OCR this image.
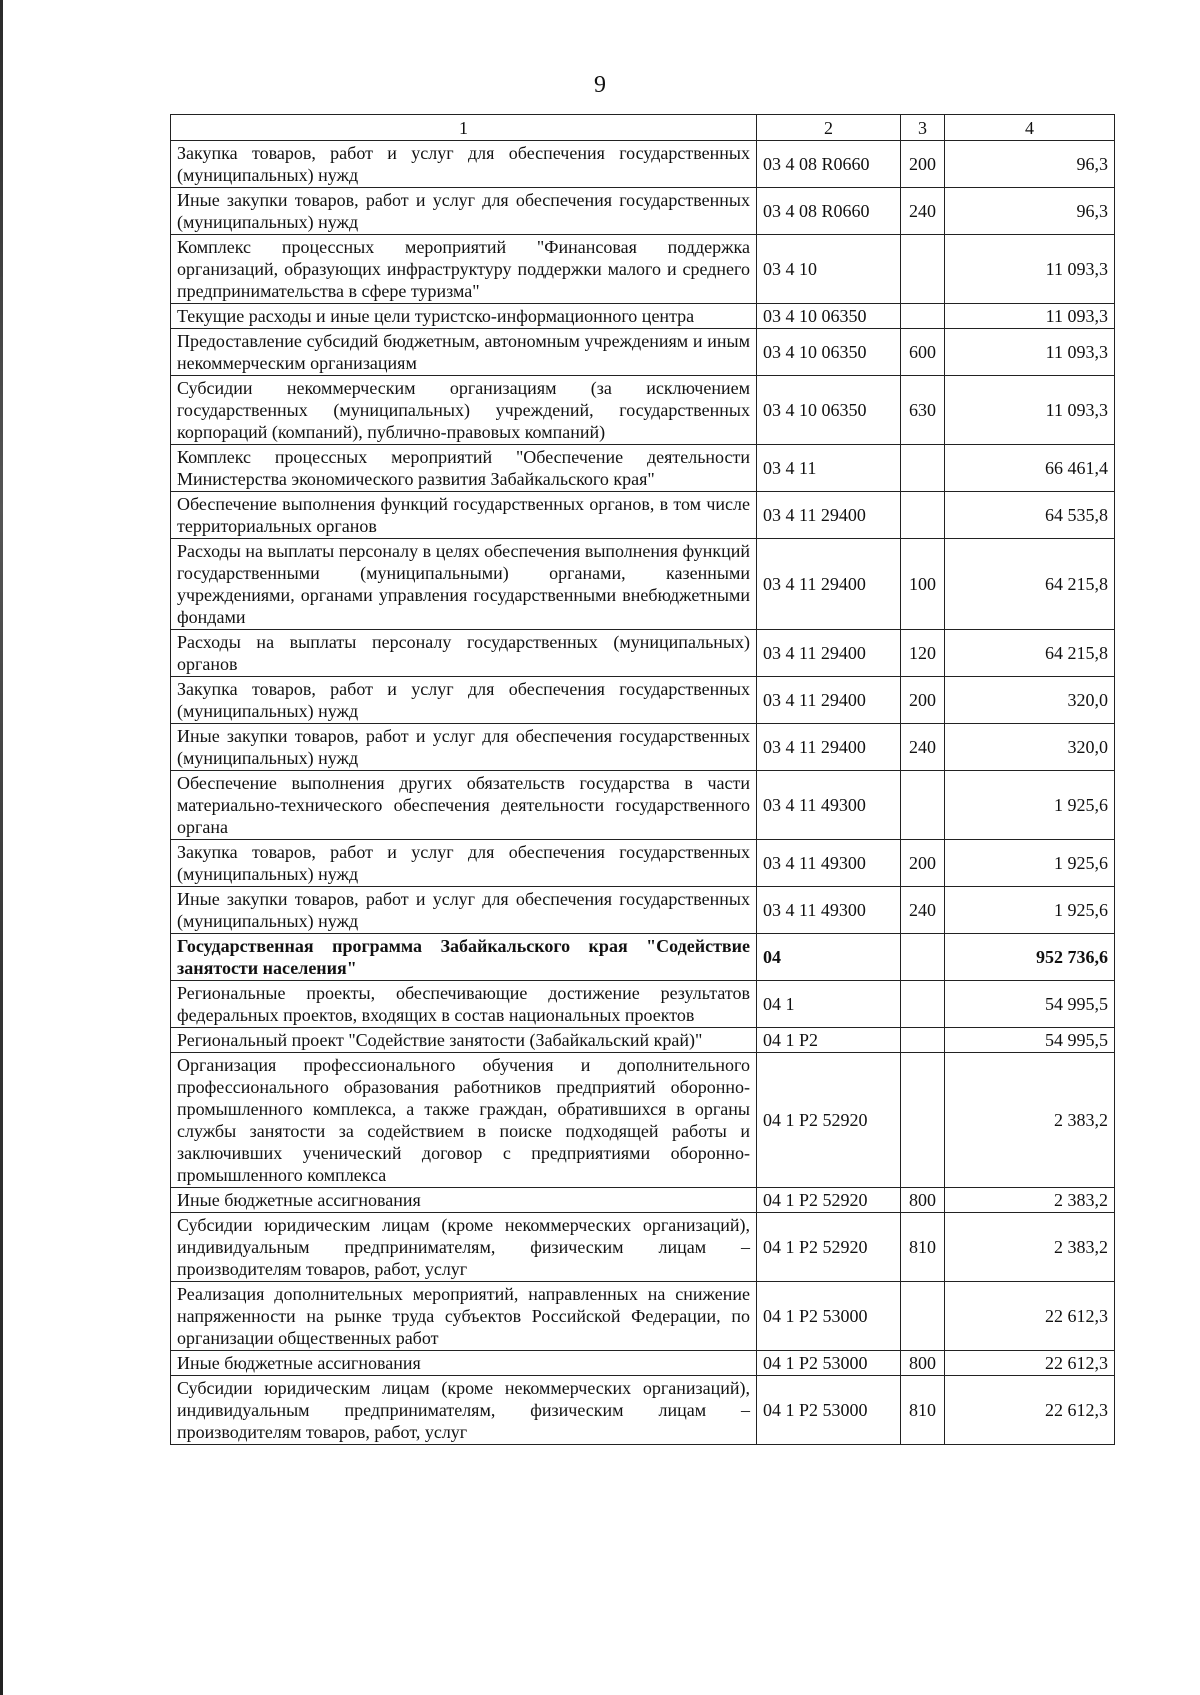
9
1	2	3	4
Закупка товаров, работ и услуг для обеспечения государственных (муниципальных) нужд	03 4 08 R0660	200	96,3
Иные закупки товаров, работ и услуг для обеспечения государственных (муниципальных) нужд	03 4 08 R0660	240	96,3
Комплекс процессных мероприятий "Финансовая поддержка организаций, образующих инфраструктуру поддержки малого и среднего предпринимательства в сфере туризма"	03 4 10		11 093,3
Текущие расходы и иные цели туристско-информационного центра	03 4 10 06350		11 093,3
Предоставление субсидий бюджетным, автономным учреждениям и иным некоммерческим организациям	03 4 10 06350	600	11 093,3
Субсидии некоммерческим организациям (за исключением государственных (муниципальных) учреждений, государственных корпораций (компаний), публично-правовых компаний)	03 4 10 06350	630	11 093,3
Комплекс процессных мероприятий "Обеспечение деятельности Министерства экономического развития Забайкальского края"	03 4 11		66 461,4
Обеспечение выполнения функций государственных органов, в том числе территориальных органов	03 4 11 29400		64 535,8
Расходы на выплаты персоналу в целях обеспечения выполнения функций государственными (муниципальными) органами, казенными учреждениями, органами управления государственными внебюджетными фондами	03 4 11 29400	100	64 215,8
Расходы на выплаты персоналу государственных (муниципальных) органов	03 4 11 29400	120	64 215,8
Закупка товаров, работ и услуг для обеспечения государственных (муниципальных) нужд	03 4 11 29400	200	320,0
Иные закупки товаров, работ и услуг для обеспечения государственных (муниципальных) нужд	03 4 11 29400	240	320,0
Обеспечение выполнения других обязательств государства в части материально-технического обеспечения деятельности государственного органа	03 4 11 49300		1 925,6
Закупка товаров, работ и услуг для обеспечения государственных (муниципальных) нужд	03 4 11 49300	200	1 925,6
Иные закупки товаров, работ и услуг для обеспечения государственных (муниципальных) нужд	03 4 11 49300	240	1 925,6
Государственная программа Забайкальского края "Содействие занятости населения"	04		952 736,6
Региональные проекты, обеспечивающие достижение результатов федеральных проектов, входящих в состав национальных проектов	04 1		54 995,5
Региональный проект "Содействие занятости (Забайкальский край)"	04 1 P2		54 995,5
Организация профессионального обучения и дополнительного профессионального образования работников предприятий оборонно-промышленного комплекса, а также граждан, обратившихся в органы службы занятости за содействием в поиске подходящей работы и заключивших ученический договор с предприятиями оборонно-промышленного комплекса	04 1 P2 52920		2 383,2
Иные бюджетные ассигнования	04 1 P2 52920	800	2 383,2
Субсидии юридическим лицам (кроме некоммерческих организаций), индивидуальным предпринимателям, физическим лицам – производителям товаров, работ, услуг	04 1 P2 52920	810	2 383,2
Реализация дополнительных мероприятий, направленных на снижение напряженности на рынке труда субъектов Российской Федерации, по организации общественных работ	04 1 P2 53000		22 612,3
Иные бюджетные ассигнования	04 1 P2 53000	800	22 612,3
Субсидии юридическим лицам (кроме некоммерческих организаций), индивидуальным предпринимателям, физическим лицам – производителям товаров, работ, услуг	04 1 P2 53000	810	22 612,3
